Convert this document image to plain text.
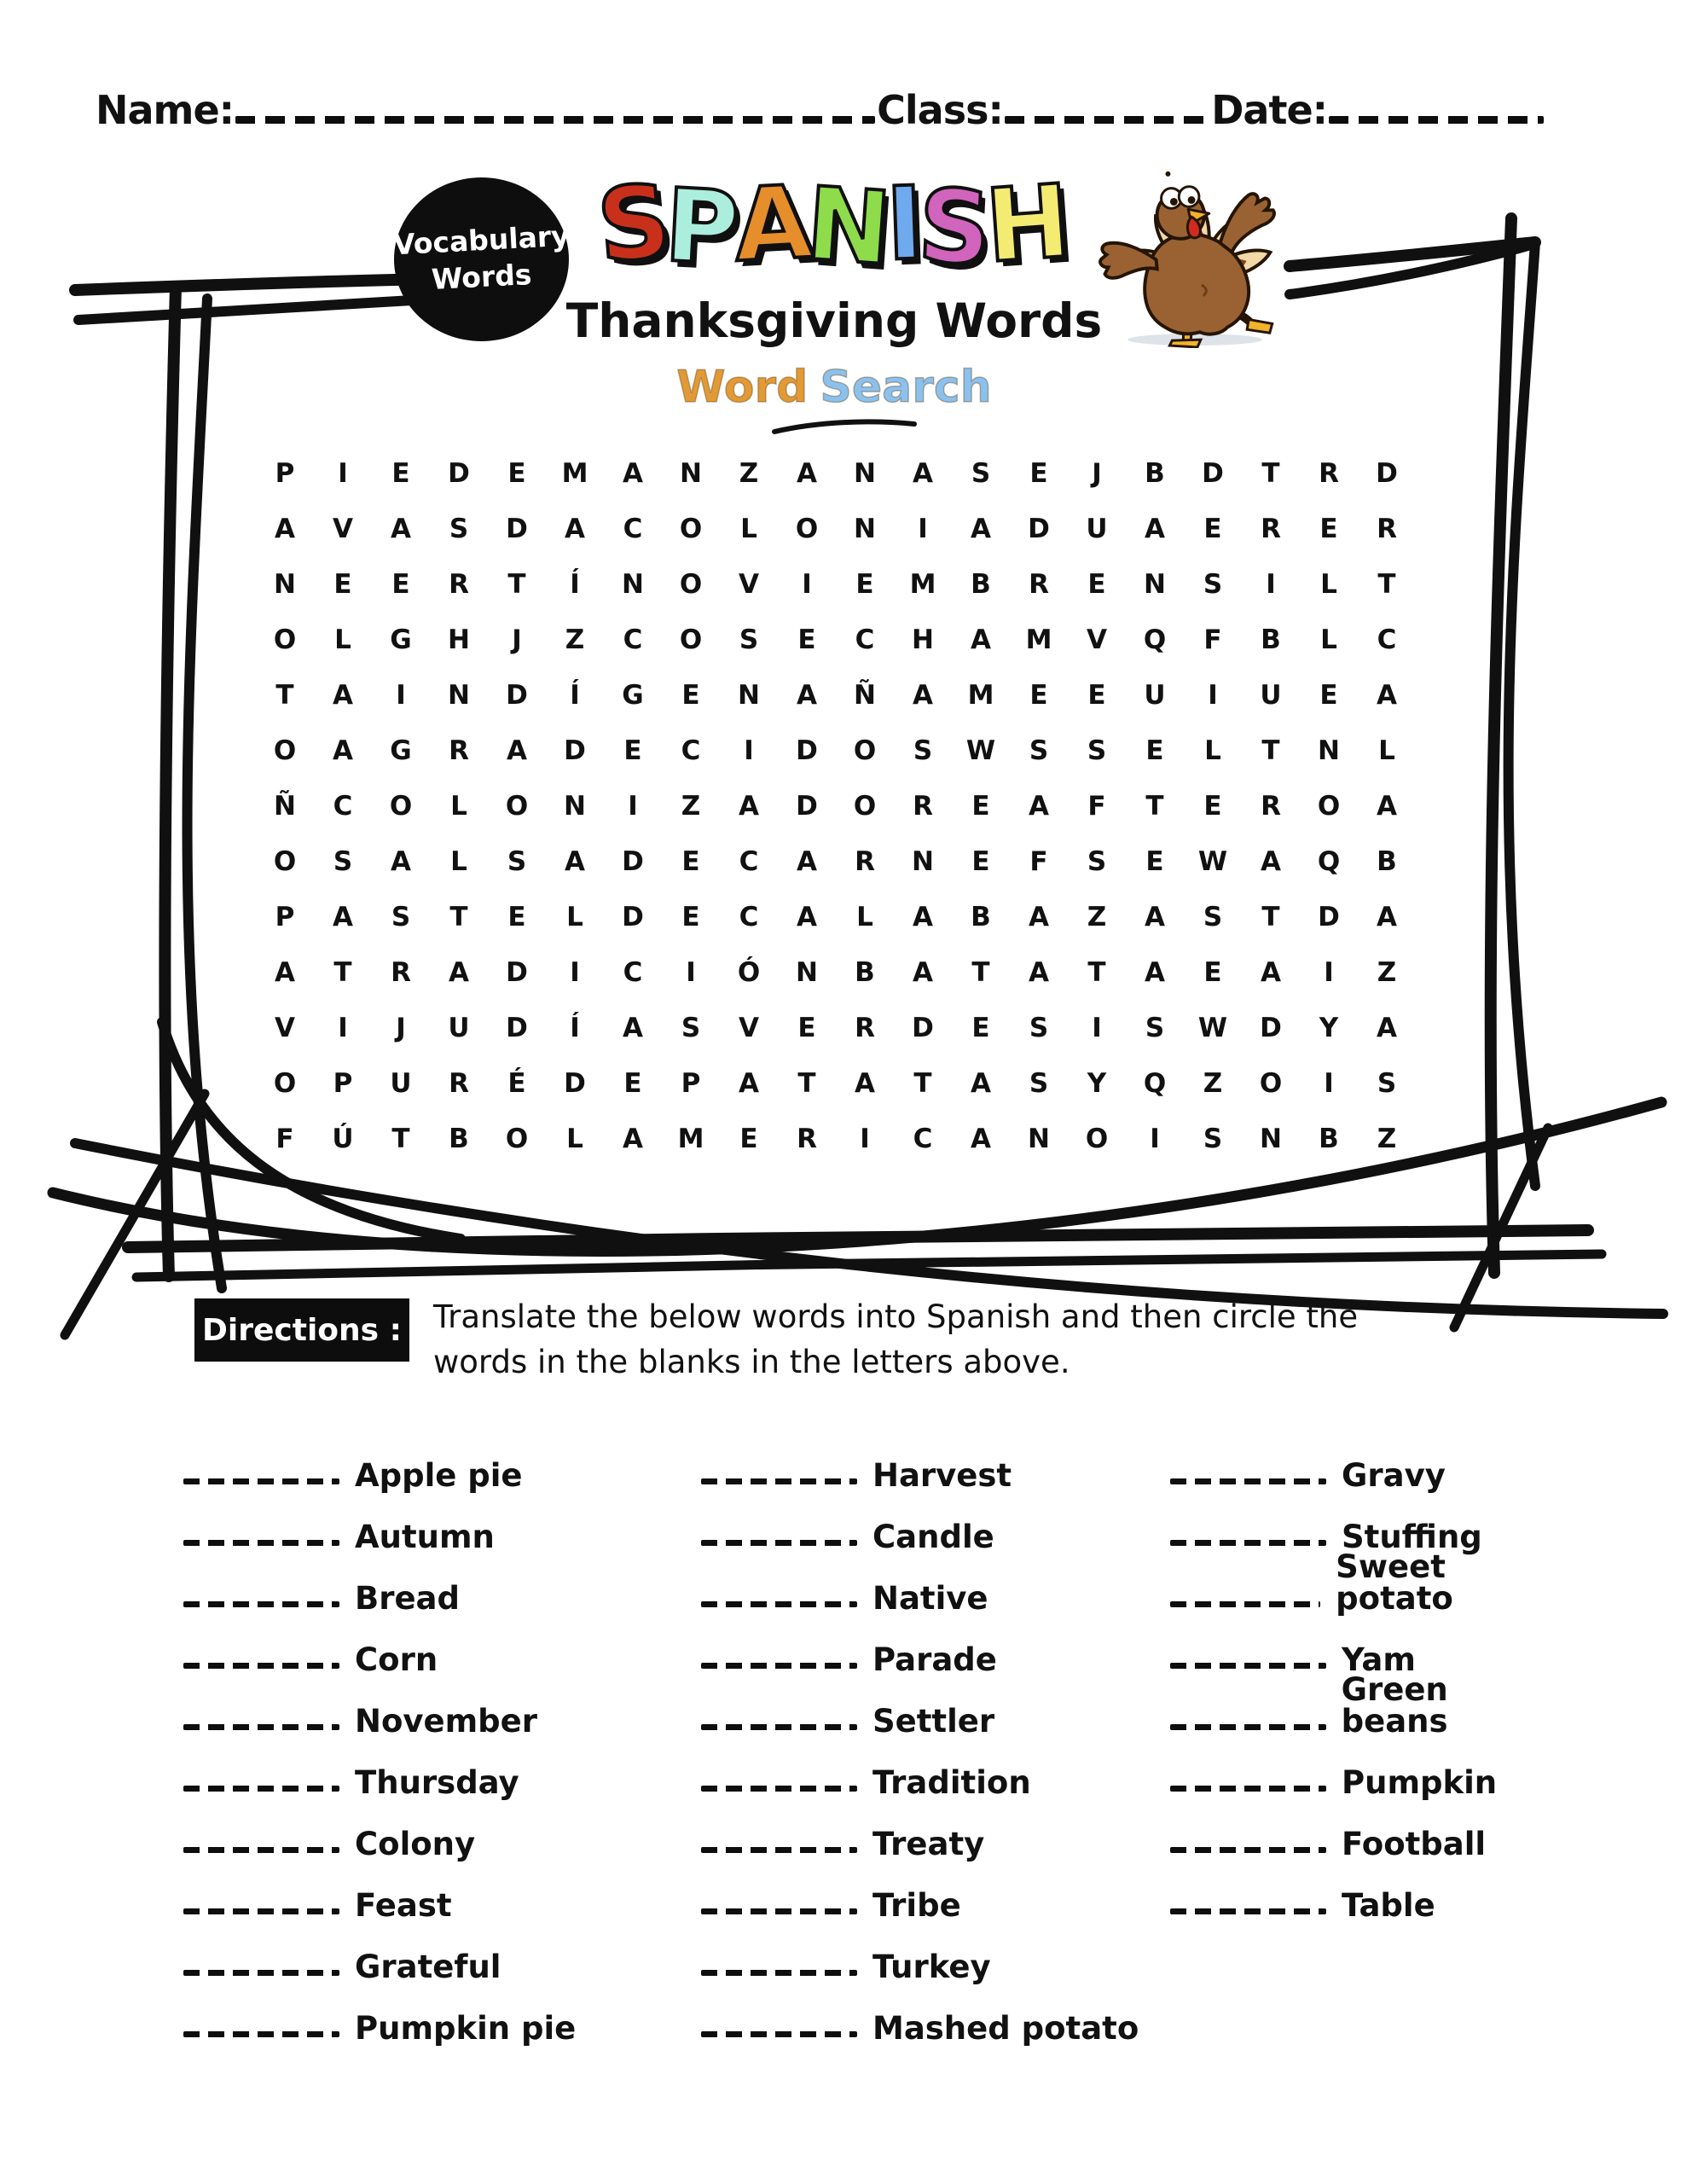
Name:	Class:	Date:
Vocabulary
Words S
P
A
N
I
S
H
Thanksgiving Words
Word Search
P	I	E	D	E	M	A	N	Z	A	N	A	S	E	J	B	D	T	R	D
A	V	A	S	D	A	C	O	L	O	N	I	A	D	U	A	E	R	E	R
N	E	E	R	T	Í	N	O	V	I	E	M	B	R	E	N	S	I	L	T
O	L	G	H	J	Z	C	O	S	E	C	H	A	M	V	Q	F	B	L	C
T	A	I	N	D	Í	G	E	N	A	Ñ	A	M	E	E	U	I	U	E	A
O	A	G	R	A	D	E	C	I	D	O	S	W	S	S	E	L	T	N	L
Ñ	C	O	L	O	N	I	Z	A	D	O	R	E	A	F	T	E	R	O	A
O	S	A	L	S	A	D	E	C	A	R	N	E	F	S	E	W	A	Q	B
P	A	S	T	E	L	D	E	C	A	L	A	B	A	Z	A	S	T	D	A
A	T	R	A	D	I	C	I	Ó	N	B	A	T	A	T	A	E	A	I	Z
V	I	J	U	D	Í	A	S	V	E	R	D	E	S	I	S	W	D	Y	A
O	P	U	R	É	D	E	P	A	T	A	T	A	S	Y	Q	Z	O	I	S
F	Ú	T	B	O	L	A	M	E	R	I	C	A	N	O	I	S	N	B	Z
Directions : Translate the below words into Spanish and then circle the
words in the blanks in the letters above.
Apple pie
Autumn
Bread
Corn
November
Thursday
Colony
Feast
Grateful
Pumpkin pie
Harvest
Candle
Native
Parade
Settler
Tradition
Treaty
Tribe
Turkey
Mashed potato
Gravy
Stuffing
Sweet potato
Yam
Green beans
Pumpkin
Football
Table
